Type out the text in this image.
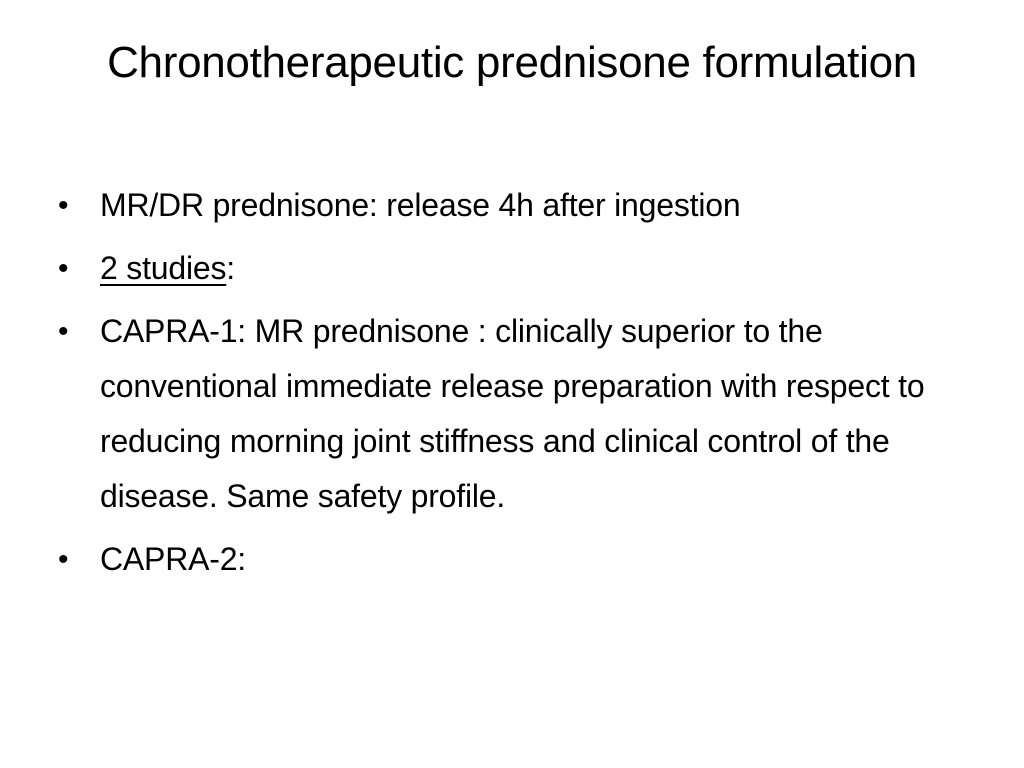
Chronotherapeutic prednisone formulation
• MR/DR prednisone: release 4h after ingestion
• 2 studies:
• CAPRA-1: MR prednisone : clinically superior to the conventional immediate release preparation with respect to reducing morning joint stiffness and clinical control of the disease. Same safety profile.
• CAPRA-2:
